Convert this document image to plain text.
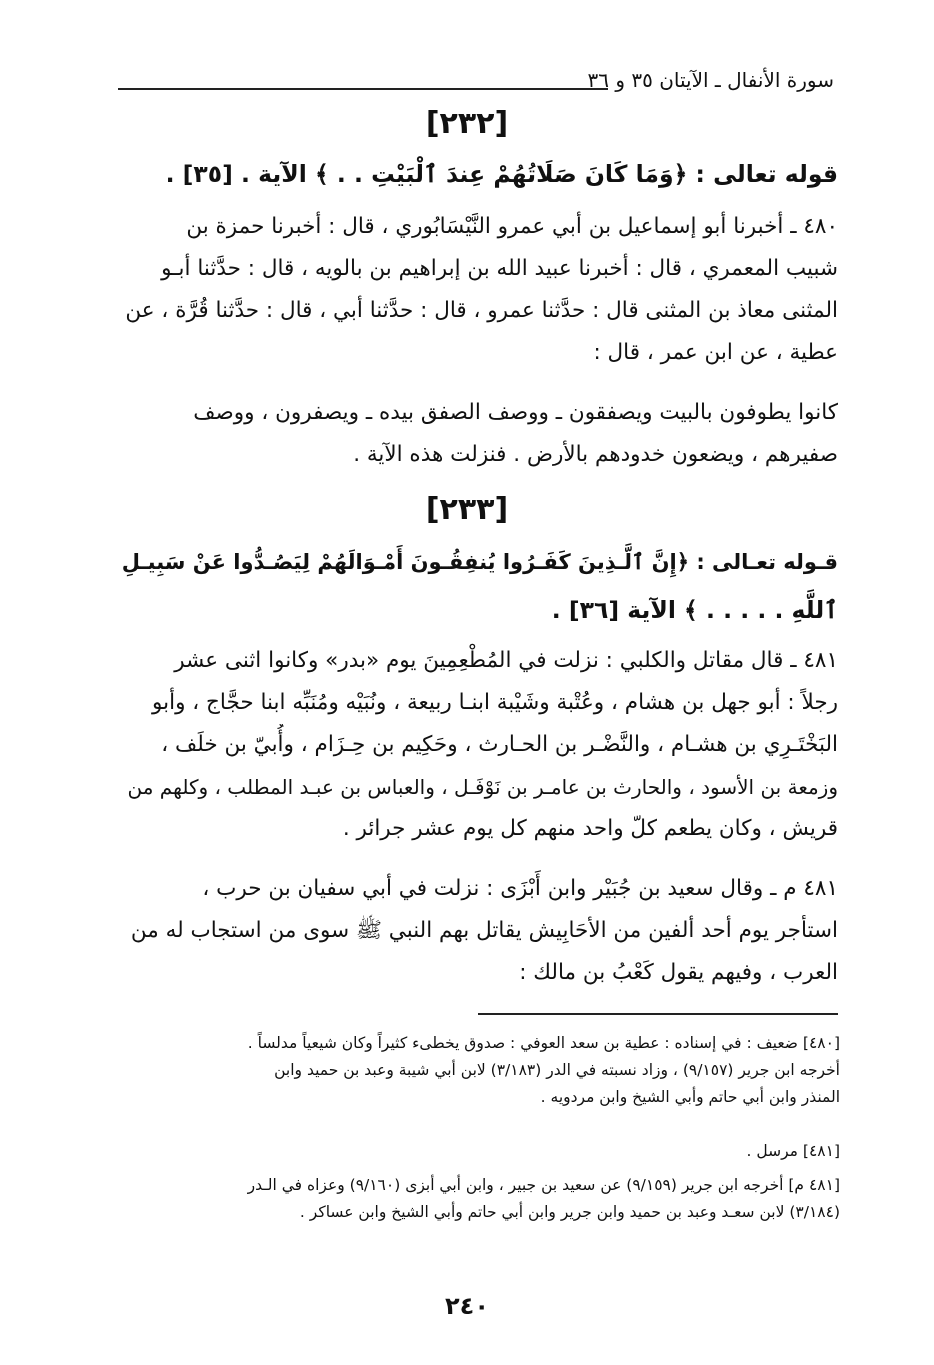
سورة الأنفال ـ الآيتان ٣٥ و ٣٦
[٢٣٢]
قوله تعالى : ﴿وَمَا كَانَ صَلَاتُهُمْ عِندَ ٱلْبَيْتِ . . ﴾ الآية . [٣٥] .
٤٨٠ ـ أخبرنا أبو إسماعيل بن أبي عمرو النَّيْسَابُوري ، قال : أخبرنا حمزة بن
شبيب المعمري ، قال : أخبرنا عبيد الله بن إبراهيم بن بالويه ، قال : حدَّثنا أبـو
المثنى معاذ بن المثنى قال : حدَّثنا عمرو ، قال : حدَّثنا أبي ، قال : حدَّثنا قُرَّة ، عن
عطية ، عن ابن عمر ، قال :
كانوا يطوفون بالبيت ويصفقون ـ ووصف الصفق بيده ـ ويصفرون ، ووصف
صفيرهم ، ويضعون خدودهم بالأرض . فنزلت هذه الآية .
[٢٣٣]
قـوله تعـالى : ﴿إِنَّ ٱلَّـذِينَ كَفَـرُوا يُنفِقُـونَ أَمْـوَالَهُمْ لِيَصُـدُّوا عَنْ سَبِيـلِ
ٱللَّهِ . . . . . ﴾ الآية [٣٦] .
٤٨١ ـ قال مقاتل والكلبي : نزلت في المُطْعِمِينَ يوم «بدر» وكانوا اثنى عشر
رجلاً : أبو جهل بن هشام ، وعُتْبة وشَيْبة ابنـا ربيعة ، ونُبَيْه ومُنَبِّه ابنا حجَّاج ، وأبو
البَخْتَـرِي بن هشـام ، والنَّضْـر بن الحـارث ، وحَكِيم بن حِـزَام ، وأُبيّ بن خلَف ،
وزمعة بن الأسود ، والحارث بن عامـر بن نَوْفَـل ، والعباس بن عبـد المطلب ، وكلهم من
قريش ، وكان يطعم كلّ واحد منهم كل يوم عشر جرائر .
٤٨١ م ـ وقال سعيد بن جُبَيْر وابن أَبْزَى : نزلت في أبي سفيان بن حرب ،
استأجر يوم أحد ألفين من الأحَابِيش يقاتل بهم النبي ﷺ سوى من استجاب له من
العرب ، وفيهم يقول كَعْبُ بن مالك :
[٤٨٠] ضعيف : في إسناده : عطية بن سعد العوفي : صدوق يخطىء كثيراً وكان شيعياً مدلساً .
أخرجه ابن جرير (٩/١٥٧) ، وزاد نسبته في الدر (٣/١٨٣) لابن أبي شيبة وعبد بن حميد وابن
المنذر وابن أبي حاتم وأبي الشيخ وابن مردويه .
[٤٨١] مرسل .
[٤٨١ م] أخرجه ابن جرير (٩/١٥٩) عن سعيد بن جبير ، وابن أبي أبزى (٩/١٦٠) وعزاه في الـدر
(٣/١٨٤) لابن سعـد وعبد بن حميد وابن جرير وابن أبي حاتم وأبي الشيخ وابن عساكر .
٢٤٠
